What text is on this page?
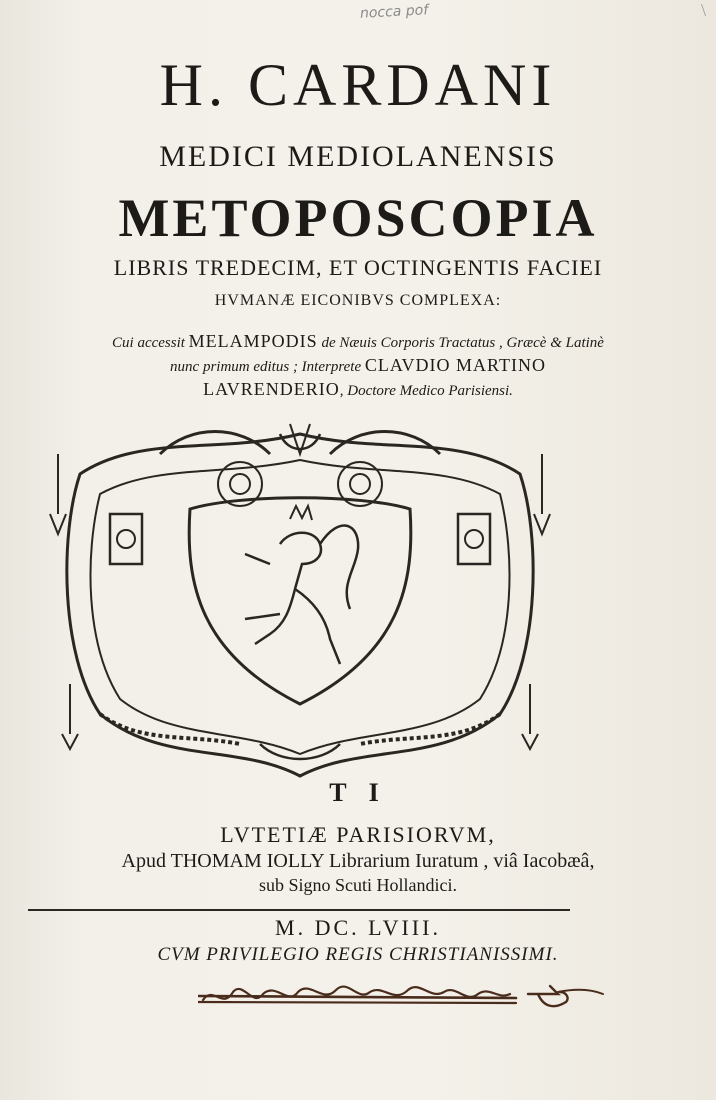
nocca pof	\
H. CARDANI
MEDICI MEDIOLANENSIS
METOPOSCOPIA
LIBRIS TREDECIM, ET OCTINGENTIS FACIEI
HVMANÆ EICONIBVS COMPLEXA:
Cui accessit MELAMPODIS de Næuis Corporis Tractatus , Græcè & Latinè
nunc primum editus ; Interprete CLAVDIO MARTINO
LAVRENDERIO, Doctore Medico Parisiensi.
T I
LVTETIÆ PARISIORVM,
Apud THOMAM IOLLY Librarium Iuratum , viâ Iacobæâ,
sub Signo Scuti Hollandici.
M. DC. LVIII.
CVM PRIVILEGIO REGIS CHRISTIANISSIMI.
